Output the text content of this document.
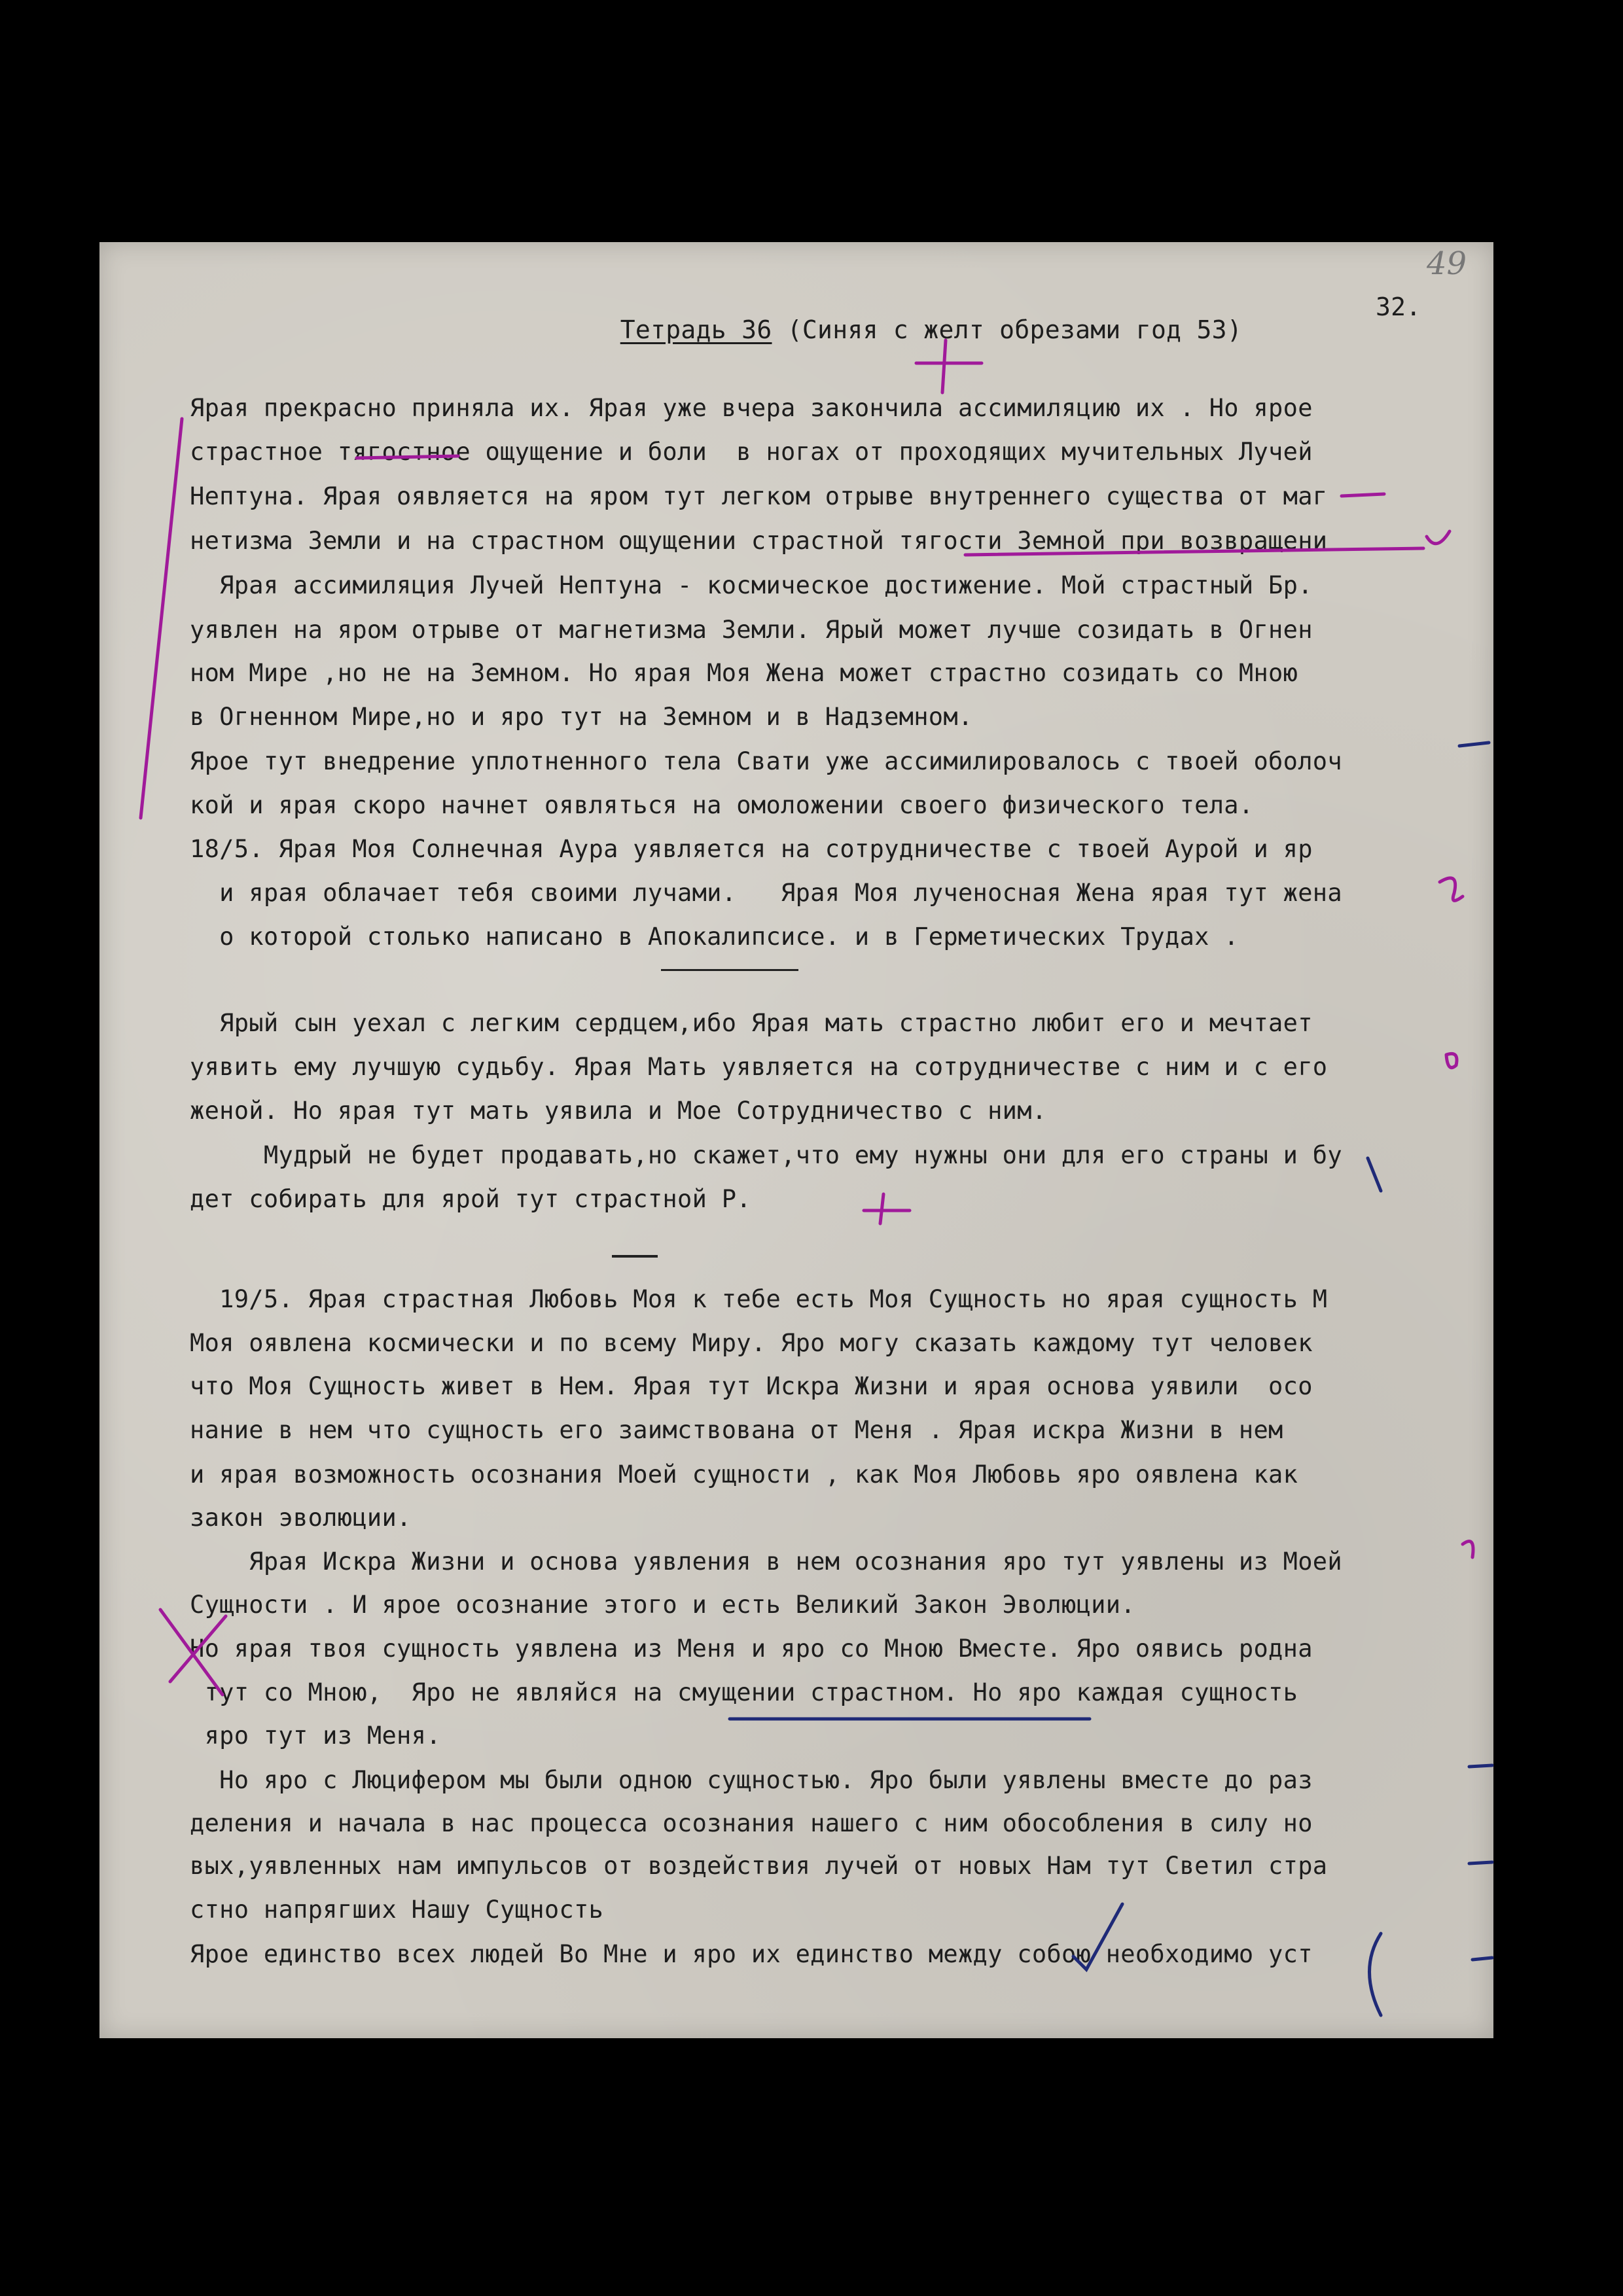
Тетрадь 36 (Синяя с желт обрезами год 53)

32.
Ярая прекрасно приняла их. Ярая уже вчера закончила ассимиляцию их . Но ярое
страстное тягостное ощущение и боли  в ногах от проходящих мучительных Лучей
Нептуна. Ярая оявляется на яром тут легком отрыве внутреннего существа от маг
нетизма Земли и на страстном ощущении страстной тягости Земной при возвращени
Ярая ассимиляция Лучей Нептуна - космическое достижение. Мой страстный Бр.
уявлен на яром отрыве от магнетизма Земли. Ярый может лучше созидать в Огнен
ном Мире ,но не на Земном. Но ярая Моя Жена может страстно созидать со Мною
в Огненном Мире,но и яро тут на Земном и в Надземном.
Ярое тут внедрение уплотненного тела Свати уже ассимилировалось с твоей оболоч
кой и ярая скоро начнет оявляться на омоложении своего физического тела.
18/5. Ярая Моя Солнечная Аура уявляется на сотрудничестве с твоей Аурой и яр
и ярая облачает тебя своими лучами.   Ярая Моя лученосная Жена ярая тут жена
о которой столько написано в Апокалипсисе. и в Герметических Трудах .
Ярый сын уехал с легким сердцем,ибо Ярая мать страстно любит его и мечтает
уявить ему лучшую судьбу. Ярая Мать уявляется на сотрудничестве с ним и с его
женой. Но ярая тут мать уявила и Мое Сотрудничество с ним.
Мудрый не будет продавать,но скажет,что ему нужны они для его страны и бу
дет собирать для ярой тут страстной Р.
19/5. Ярая страстная Любовь Моя к тебе есть Моя Сущность но ярая сущность М
Моя оявлена космически и по всему Миру. Яро могу сказать каждому тут человек
что Моя Сущность живет в Нем. Ярая тут Искра Жизни и ярая основа уявили  осо
нание в нем что сущность его заимствована от Меня . Ярая искра Жизни в нем
и ярая возможность осознания Моей сущности , как Моя Любовь яро оявлена как
закон эволюции.
Ярая Искра Жизни и основа уявления в нем осознания яро тут уявлены из Моей
Сущности . И ярое осознание этого и есть Великий Закон Эволюции.
Но ярая твоя сущность уявлена из Меня и яро со Мною Вместе. Яро оявись родна
тут со Мною,  Яро не являйся на смущении страстном. Но яро каждая сущность
яро тут из Меня.
Но яро с Люцифером мы были одною сущностью. Яро были уявлены вместе до раз
деления и начала в нас процесса осознания нашего с ним обособления в силу но
вых,уявленных нам импульсов от воздействия лучей от новых Нам тут Светил стра
стно напрягших Нашу Сущность
Ярое единство всех людей Во Мне и яро их единство между собою необходимо уст
49
